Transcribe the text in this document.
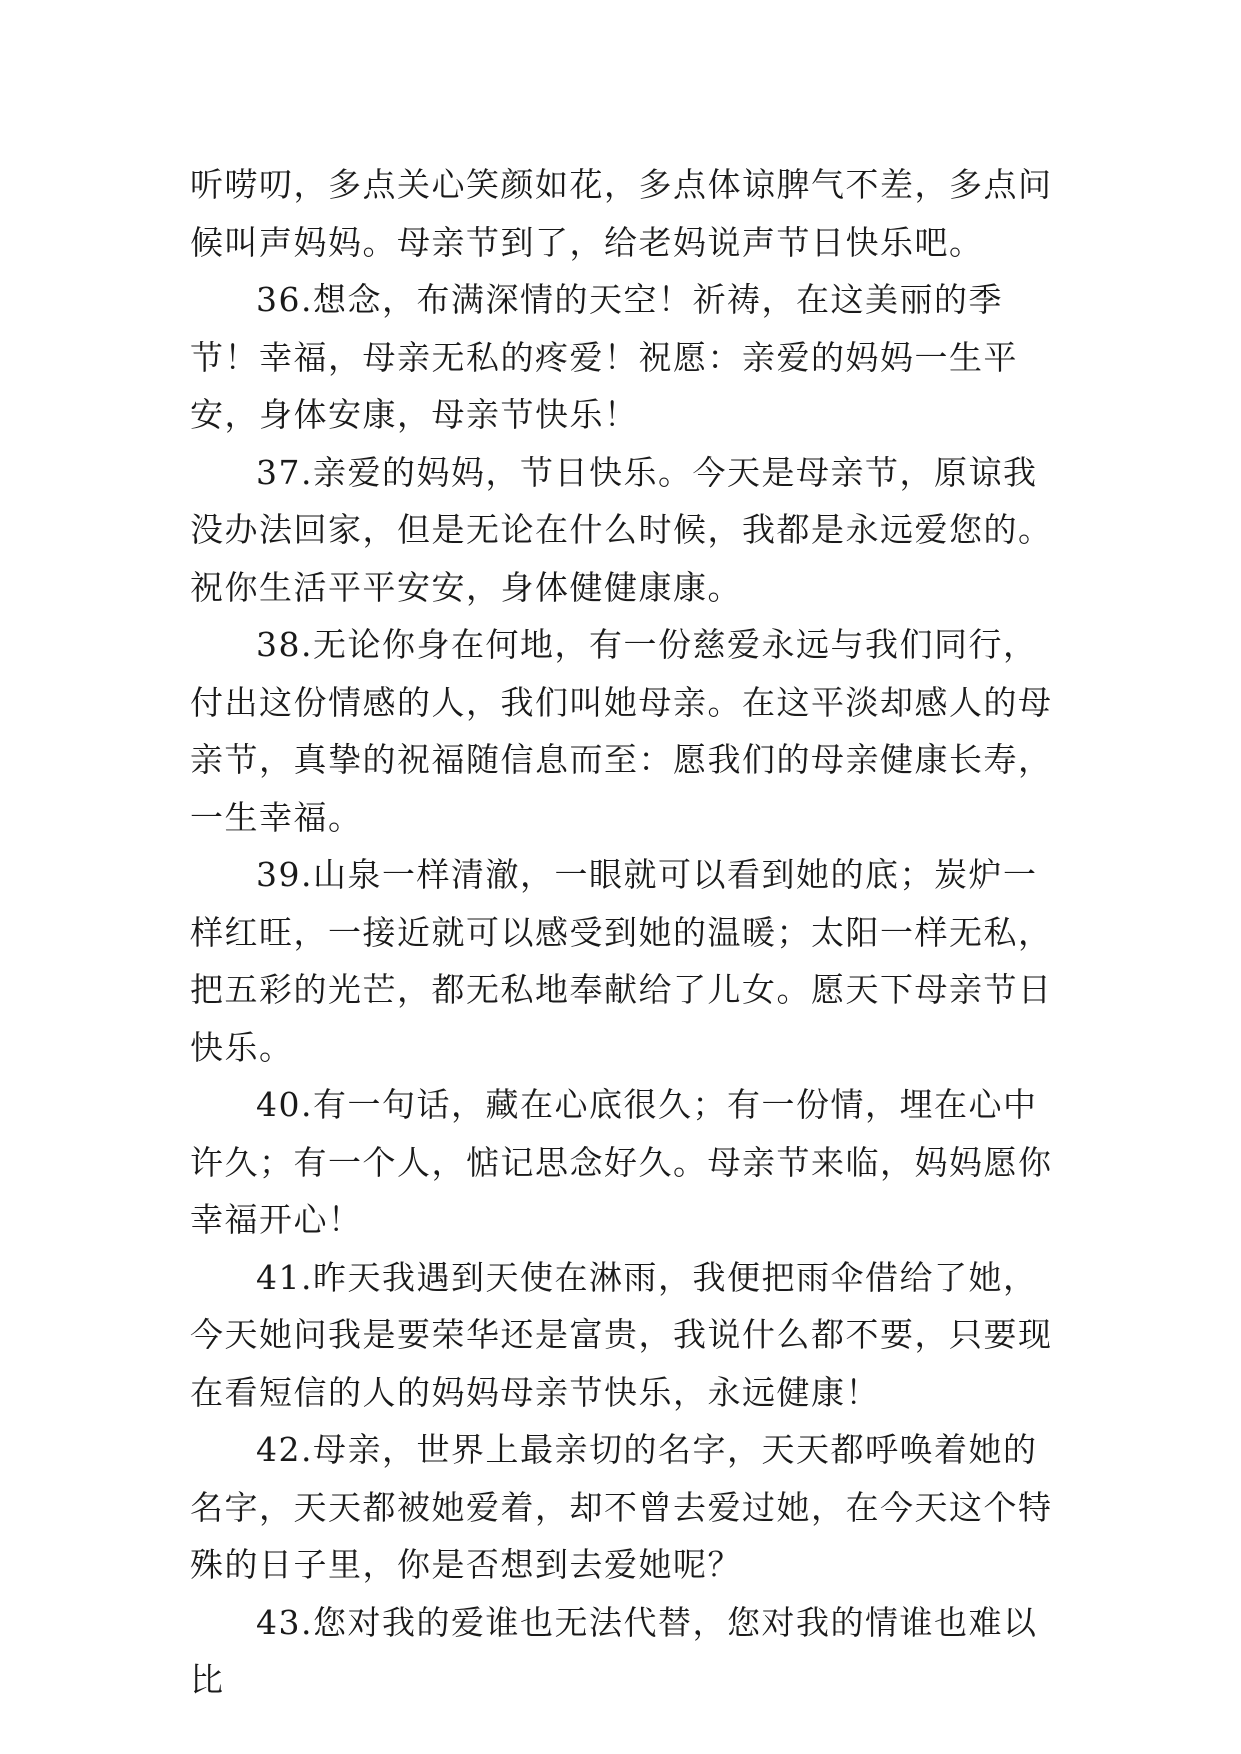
听唠叨，多点关心笑颜如花，多点体谅脾气不差，多点问候叫声妈妈。母亲节到了，给老妈说声节日快乐吧。

36.想念，布满深情的天空！祈祷，在这美丽的季节！幸福，母亲无私的疼爱！祝愿：亲爱的妈妈一生平安，身体安康，母亲节快乐！

37.亲爱的妈妈，节日快乐。今天是母亲节，原谅我没办法回家，但是无论在什么时候，我都是永远爱您的。祝你生活平平安安，身体健健康康。

38.无论你身在何地，有一份慈爱永远与我们同行，付出这份情感的人，我们叫她母亲。在这平淡却感人的母亲节，真挚的祝福随信息而至：愿我们的母亲健康长寿，一生幸福。

39.山泉一样清澈，一眼就可以看到她的底；炭炉一样红旺，一接近就可以感受到她的温暖；太阳一样无私，把五彩的光芒，都无私地奉献给了儿女。愿天下母亲节日快乐。

40.有一句话，藏在心底很久；有一份情，埋在心中许久；有一个人，惦记思念好久。母亲节来临，妈妈愿你幸福开心！

41.昨天我遇到天使在淋雨，我便把雨伞借给了她，今天她问我是要荣华还是富贵，我说什么都不要，只要现在看短信的人的妈妈母亲节快乐，永远健康！

42.母亲，世界上最亲切的名字，天天都呼唤着她的名字，天天都被她爱着，却不曾去爱过她，在今天这个特殊的日子里，你是否想到去爱她呢？

43.您对我的爱谁也无法代替，您对我的情谁也难以比
